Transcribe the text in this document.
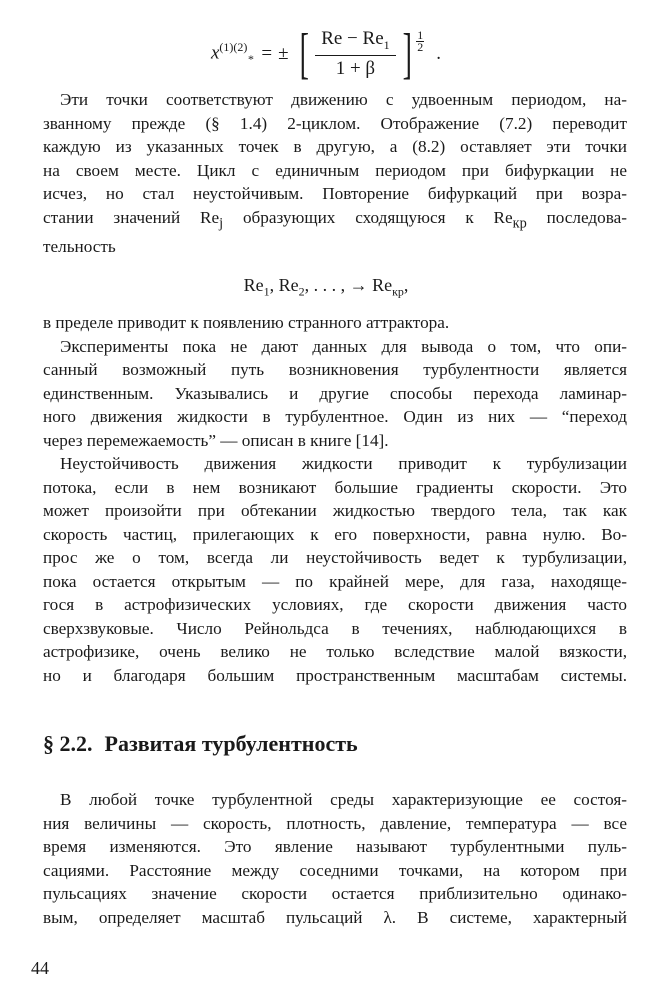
$x^{(1)(2)}_*$ = ± [ $\frac{Re - Re_1}{1 + \beta}$ ] 1
2 .
Эти точки соответствуют движению с удвоенным периодом, на-
званному прежде (§ 1.4) 2-циклом. Отображение (7.2) переводит
каждую из указанных точек в другую, а (8.2) оставляет эти точки
на своем месте. Цикл с единичным периодом при бифуркации не
исчез, но стал неустойчивым. Повторение бифуркаций при возра-
стании значений $Re_j$ образующих сходящуюся к $Re_{кр}$ последова-
тельность
$Re_1$, $Re_2$, . . . , → $Re_{кр}$,
в пределе приводит к появлению странного аттрактора.
Эксперименты пока не дают данных для вывода о том, что опи-
санный возможный путь возникновения турбулентности является
единственным. Указывались и другие способы перехода ламинар-
ного движения жидкости в турбулентное. Один из них — “переход
через перемежаемость” — описан в книге [14].
Неустойчивость движения жидкости приводит к турбулизации
потока, если в нем возникают большие градиенты скорости. Это
может произойти при обтекании жидкостью твердого тела, так как
скорость частиц, прилегающих к его поверхности, равна нулю. Во-
прос же о том, всегда ли неустойчивость ведет к турбулизации,
пока остается открытым — по крайней мере, для газа, находяще-
гося в астрофизических условиях, где скорости движения часто
сверхзвуковые. Число Рейнольдса в течениях, наблюдающихся в
астрофизике, очень велико не только вследствие малой вязкости,
но и благодаря большим пространственным масштабам системы.
§ 2.2. Развитая турбулентность
В любой точке турбулентной среды характеризующие ее состоя-
ния величины — скорость, плотность, давление, температура — все
время изменяются. Это явление называют турбулентными пуль-
сациями. Расстояние между соседними точками, на котором при
пульсациях значение скорости остается приблизительно одинако-
вым, определяет масштаб пульсаций λ. В системе, характерный
44
